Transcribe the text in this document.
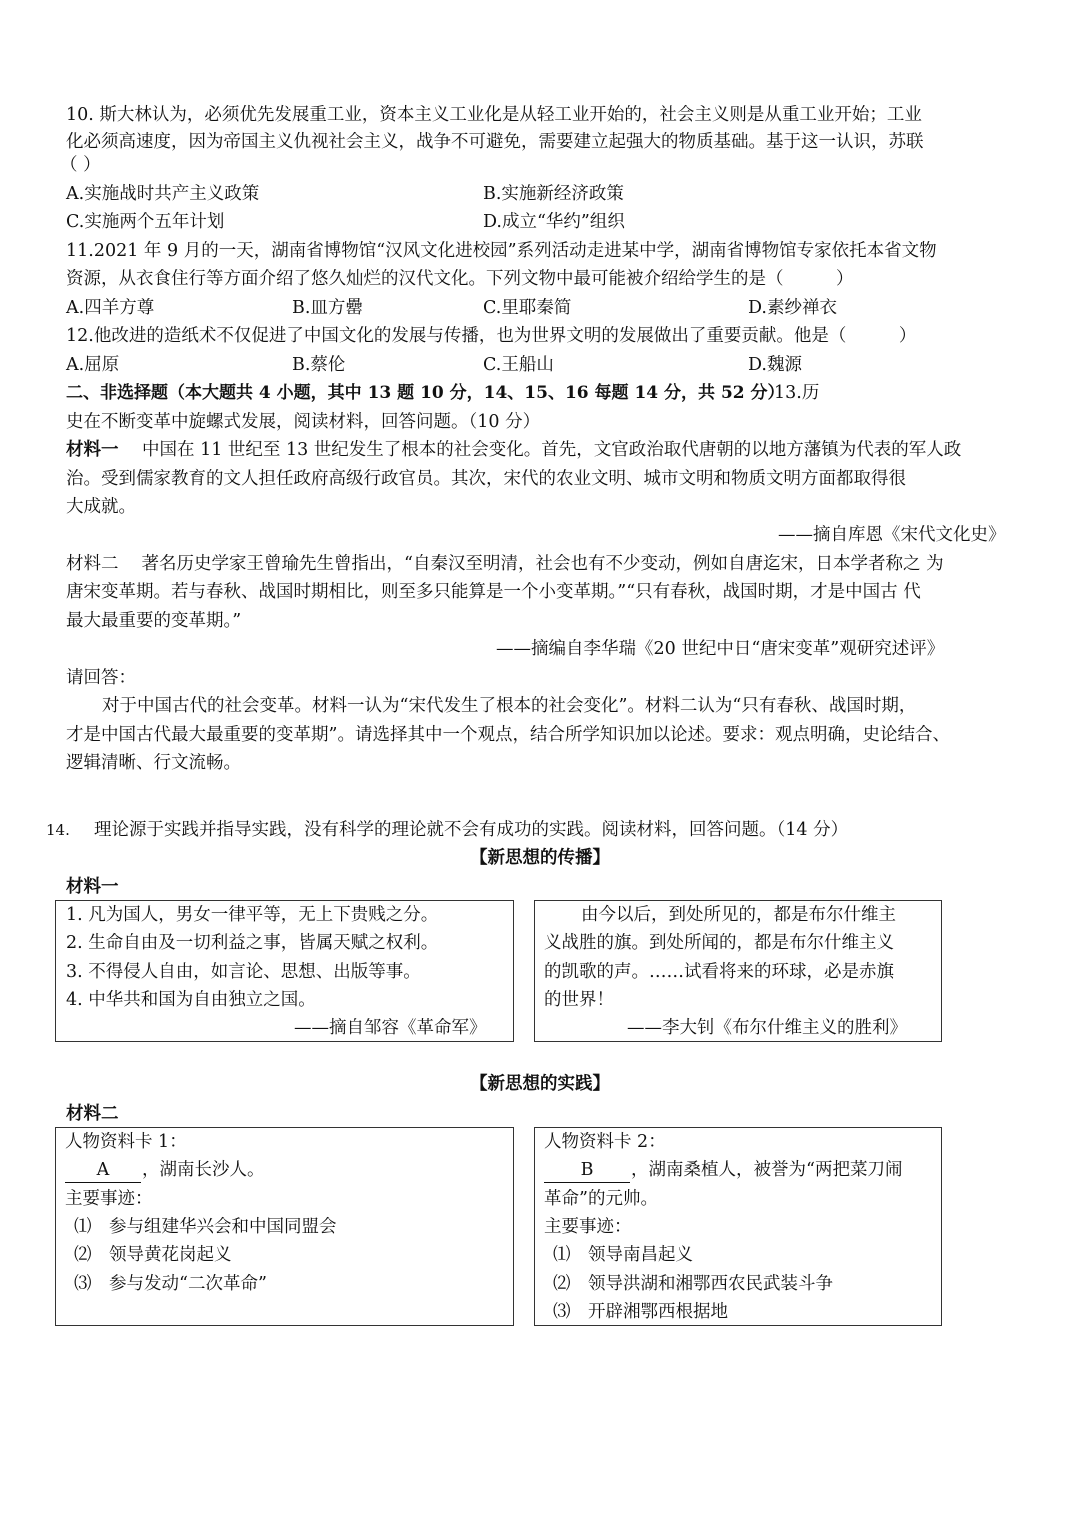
10. 斯大林认为，必须优先发展重工业，资本主义工业化是从轻工业开始的，社会主义则是从重工业开始；工业
化必须高速度，因为帝国主义仇视社会主义，战争不可避免，需要建立起强大的物质基础。基于这一认识，苏联
（ ）
A.实施战时共产主义政策	B.实施新经济政策
C.实施两个五年计划	D.成立“华约”组织
11.2021 年 9 月的一天，湖南省博物馆“汉风文化进校园”系列活动走进某中学，湖南省博物馆专家依托本省文物
资源，从衣食住行等方面介绍了悠久灿烂的汉代文化。下列文物中最可能被介绍给学生的是（　　　）
A.四羊方尊	B.皿方罍	C.里耶秦简	D.素纱禅衣
12.他改进的造纸术不仅促进了中国文化的发展与传播，也为世界文明的发展做出了重要贡献。他是（　　　）
A.屈原	B.蔡伦	C.王船山	D.魏源
二、非选择题（本大题共 4 小题，其中 13 题 10 分，14、15、16 每题 14 分，共 52 分）
13.历
史在不断变革中旋螺式发展，阅读材料，回答问题。（10 分）
材料一 中国在 11 世纪至 13 世纪发生了根本的社会变化。首先，文官政治取代唐朝的以地方藩镇为代表的军人政
治。受到儒家教育的文人担任政府高级行政官员。其次，宋代的农业文明、城市文明和物质文明方面都取得很
大成就。
——摘自库恩《宋代文化史》
材料二　 著名历史学家王曾瑜先生曾指出，“自秦汉至明清，社会也有不少变动，例如自唐迄宋，日本学者称之 为
唐宋变革期。若与春秋、战国时期相比，则至多只能算是一个小变革期。”“只有春秋，战国时期，才是中国古 代
最大最重要的变革期。”
——摘编自李华瑞《20 世纪中日“唐宋变革”观研究述评》
请回答：
对于中国古代的社会变革。材料一认为“宋代发生了根本的社会变化”。材料二认为“只有春秋、战国时期，
才是中国古代最大最重要的变革期”。请选择其中一个观点，结合所学知识加以论述。要求：观点明确，史论结合、
逻辑清晰、行文流畅。
14. 理论源于实践并指导实践，没有科学的理论就不会有成功的实践。阅读材料，回答问题。（14 分）
【新思想的传播】
材料一
1. 凡为国人，男女一律平等，无上下贵贱之分。
2. 生命自由及一切利益之事，皆属天赋之权利。
3. 不得侵人自由，如言论、思想、出版等事。
4. 中华共和国为自由独立之国。
——摘自邹容《革命军》
由今以后，到处所见的，都是布尔什维主
义战胜的旗。到处所闻的，都是布尔什维主义
的凯歌的声。……试看将来的环球，必是赤旗
的世界！
——李大钊《布尔什维主义的胜利》
【新思想的实践】
材料二
人物资料卡 1：
A	，湖南长沙人。
主要事迹：
⑴　参与组建华兴会和中国同盟会
⑵　领导黄花岗起义
⑶　参与发动“二次革命”
人物资料卡 2：
B	，湖南桑植人，被誉为“两把菜刀闹
革命”的元帅。
主要事迹：
⑴　领导南昌起义
⑵　领导洪湖和湘鄂西农民武装斗争
⑶　开辟湘鄂西根据地
